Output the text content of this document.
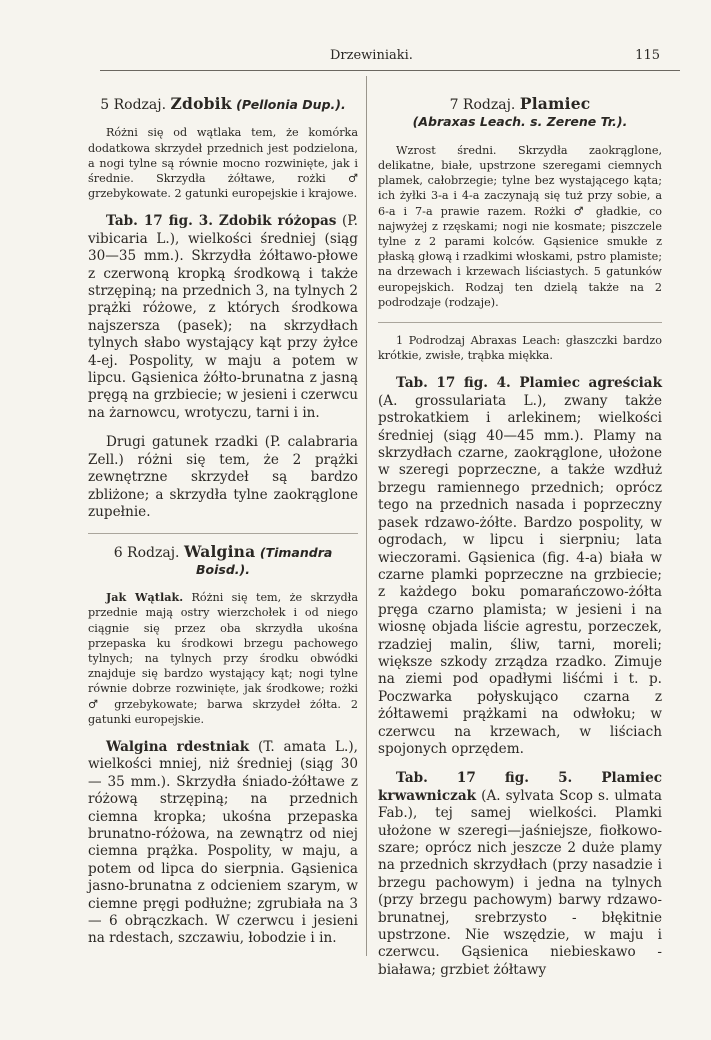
Drzewiniaki.	115
5 Rodzaj. Zdobik (Pellonia Dup.).

Różni się od wątlaka tem, że komórka dodatkowa skrzydeł przednich jest podzielona, a nogi tylne są równie mocno rozwinięte, jak i średnie. Skrzydła żółtawe, rożki ♂ grzebykowate. 2 gatunki europejskie i krajowe.

Tab. 17 fig. 3. Zdobik różopas (P. vibicaria L.), wielkości średniej (siąg 30—35 mm.). Skrzydła żółtawo-płowe z czerwoną kropką środkową i także strzępiną; na przednich 3, na tylnych 2 prążki różowe, z których środkowa najszersza (pasek); na skrzydłach tylnych słabo wystający kąt przy żyłce 4-ej. Pospolity, w maju a potem w lipcu. Gąsienica żółto-brunatna z jasną pręgą na grzbiecie; w jesieni i czerwcu na żarnowcu, wrotyczu, tarni i in.

Drugi gatunek rzadki (P. calabraria Zell.) różni się tem, że 2 prążki zewnętrzne skrzydeł są bardzo zbliżone; a skrzydła tylne zaokrąglone zupełnie.

6 Rodzaj. Walgina (Timandra Boisd.).

Jak Wątlak. Różni się tem, że skrzydła przednie mają ostry wierzchołek i od niego ciągnie się przez oba skrzydła ukośna przepaska ku środkowi brzegu pachowego tylnych; na tylnych przy środku obwódki znajduje się bardzo wystający kąt; nogi tylne równie dobrze rozwinięte, jak środkowe; rożki ♂ grzebykowate; barwa skrzydeł żółta. 2 gatunki europejskie.

Walgina rdestniak (T. amata L.), wielkości mniej, niż średniej (siąg 30 — 35 mm.). Skrzydła śniado-żółtawe z różową strzępiną; na przednich ciemna kropka; ukośna przepaska brunatno-różowa, na zewnątrz od niej ciemna prążka. Pospolity, w maju, a potem od lipca do sierpnia. Gąsienica jasno-brunatna z odcieniem szarym, w ciemne pręgi podłużne; zgrubiała na 3 — 6 obrączkach. W czerwcu i jesieni na rdestach, szczawiu, łobodzie i in.

7 Rodzaj. Plamiec
(Abraxas Leach. s. Zerene Tr.).

Wzrost średni. Skrzydła zaokrąglone, delikatne, białe, upstrzone szeregami ciemnych plamek, całobrzegie; tylne bez wystającego kąta; ich żyłki 3-a i 4-a zaczynają się tuż przy sobie, a 6-a i 7-a prawie razem. Rożki ♂ gładkie, co najwyżej z rzęskami; nogi nie kosmate; piszczele tylne z 2 parami kolców. Gąsienice smukłe z płaską głową i rzadkimi włoskami, pstro plamiste; na drzewach i krzewach liściastych. 5 gatunków europejskich. Rodzaj ten dzielą także na 2 podrodzaje (rodzaje).

1 Podrodzaj Abraxas Leach: głaszczki bardzo krótkie, zwisłe, trąbka miękka.

Tab. 17 fig. 4. Plamiec agreściak (A. grossulariata L.), zwany także pstrokatkiem i arlekinem; wielkości średniej (siąg 40—45 mm.). Plamy na skrzydłach czarne, zaokrąglone, ułożone w szeregi poprzeczne, a także wzdłuż brzegu ramiennego przednich; oprócz tego na przednich nasada i poprzeczny pasek rdzawo-żółte. Bardzo pospolity, w ogrodach, w lipcu i sierpniu; lata wieczorami. Gąsienica (fig. 4-a) biała w czarne plamki poprzeczne na grzbiecie; z każdego boku pomarańczowo-żółta pręga czarno plamista; w jesieni i na wiosnę objada liście agrestu, porzeczek, rzadziej malin, śliw, tarni, moreli; większe szkody zrządza rzadko. Zimuje na ziemi pod opadłymi liśćmi i t. p. Poczwarka połyskująco czarna z żółtawemi prążkami na odwłoku; w czerwcu na krzewach, w liściach spojonych oprzędem.

Tab. 17 fig. 5. Plamiec krwawniczak (A. sylvata Scop s. ulmata Fab.), tej samej wielkości. Plamki ułożone w szeregi—jaśniejsze, fiołkowo-szare; oprócz nich jeszcze 2 duże plamy na przednich skrzydłach (przy nasadzie i brzegu pachowym) i jedna na tylnych (przy brzegu pachowym) barwy rdzawo-brunatnej, srebrzysto - błękitnie upstrzone. Nie wszędzie, w maju i czerwcu. Gąsienica niebieskawo - biaława; grzbiet żółtawy
